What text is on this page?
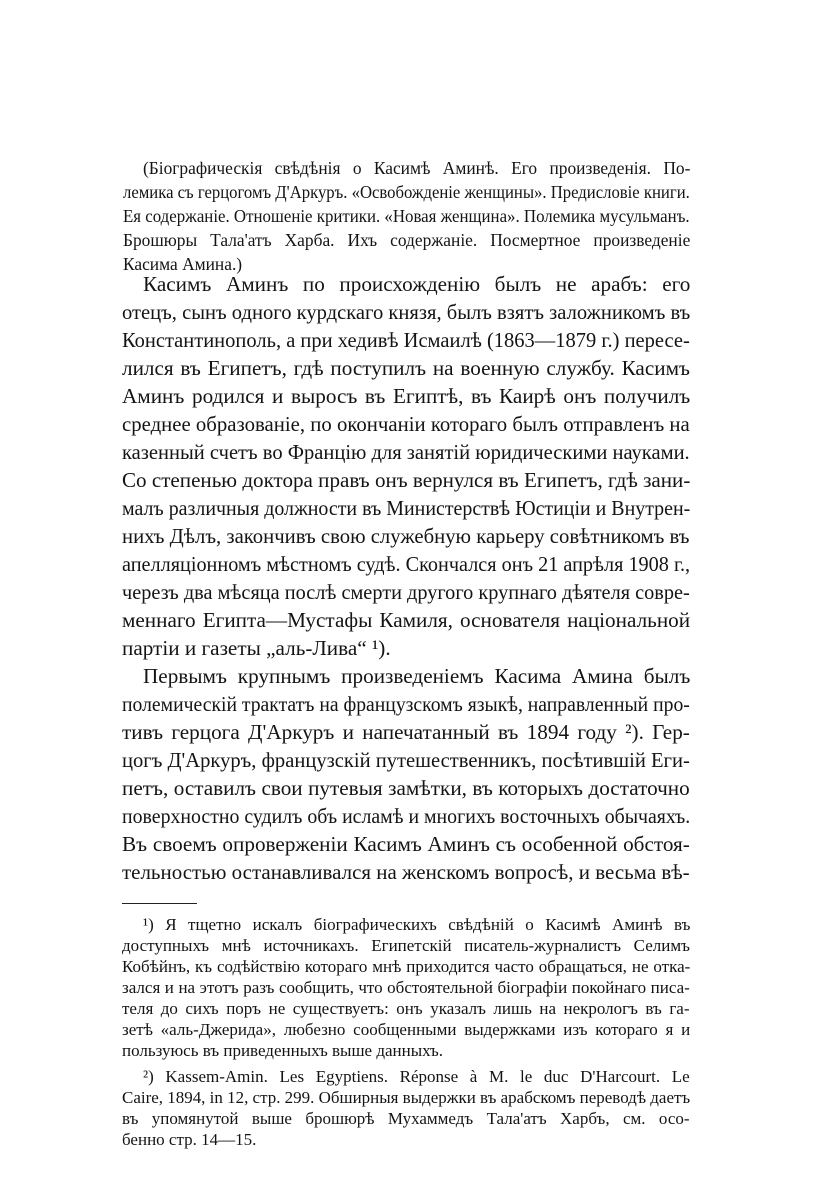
(Біографическія свѣдѣнія о Касимѣ Аминѣ. Его произведенія. По-

лемика съ герцогомъ Д'Аркуръ. «Освобожденіе женщины». Предисловіе книги.

Ея содержаніе. Отношеніе критики. «Новая женщина». Полемика мусульманъ.

Брошюры Тала'атъ Харба. Ихъ содержаніе. Посмертное произведеніе

Касима Амина.)

Касимъ Аминъ по происхожденію былъ не арабъ: его

отецъ, сынъ одного курдскаго князя, былъ взятъ заложникомъ въ

Константинополь, а при хедивѣ Исмаилѣ (1863—1879 г.) пересе-

лился въ Египетъ, гдѣ поступилъ на военную службу. Касимъ

Аминъ родился и выросъ въ Египтѣ, въ Каирѣ онъ получилъ

среднее образованіе, по окончаніи котораго былъ отправленъ на

казенный счетъ во Францію для занятій юридическими науками.

Со степенью доктора правъ онъ вернулся въ Египетъ, гдѣ зани-

малъ различныя должности въ Министерствѣ Юстиціи и Внутрен-

нихъ Дѣлъ, закончивъ свою служебную карьеру совѣтникомъ въ

апелляціонномъ мѣстномъ судѣ. Скончался онъ 21 апрѣля 1908 г.,

черезъ два мѣсяца послѣ смерти другого крупнаго дѣятеля совре-

меннаго Египта—Мустафы Камиля, основателя національной

партіи и газеты „аль-Лива“ ¹).

Первымъ крупнымъ произведеніемъ Касима Амина былъ

полемическій трактатъ на французскомъ языкѣ, направленный про-

тивъ герцога Д'Аркуръ и напечатанный въ 1894 году ²). Гер-

цогъ Д'Аркуръ, французскій путешественникъ, посѣтившій Еги-

петъ, оставилъ свои путевыя замѣтки, въ которыхъ достаточно

поверхностно судилъ объ исламѣ и многихъ восточныхъ обычаяхъ.

Въ своемъ опроверженіи Касимъ Аминъ съ особенной обстоя-

тельностью останавливался на женскомъ вопросѣ, и весьма вѣ-

¹) Я тщетно искалъ біографическихъ свѣдѣній о Касимѣ Аминѣ въ

доступныхъ мнѣ источникахъ. Египетскій писатель-журналистъ Селимъ

Кобѣйнъ, къ содѣйствію котораго мнѣ приходится часто обращаться, не отка-

зался и на этотъ разъ сообщить, что обстоятельной біографіи покойнаго писа-

теля до сихъ поръ не существуетъ: онъ указалъ лишь на некрологъ въ га-

зетѣ «аль-Джерида», любезно сообщенными выдержками изъ котораго я и

пользуюсь въ приведенныхъ выше данныхъ.

²) Kassem-Amin. Les Egyptiens. Réponse à M. le duc D'Harcourt. Le

Caire, 1894, in 12, стр. 299. Обширныя выдержки въ арабскомъ переводѣ даетъ

въ упомянутой выше брошюрѣ Мухаммедъ Тала'атъ Харбъ, см. осо-

бенно стр. 14—15.
